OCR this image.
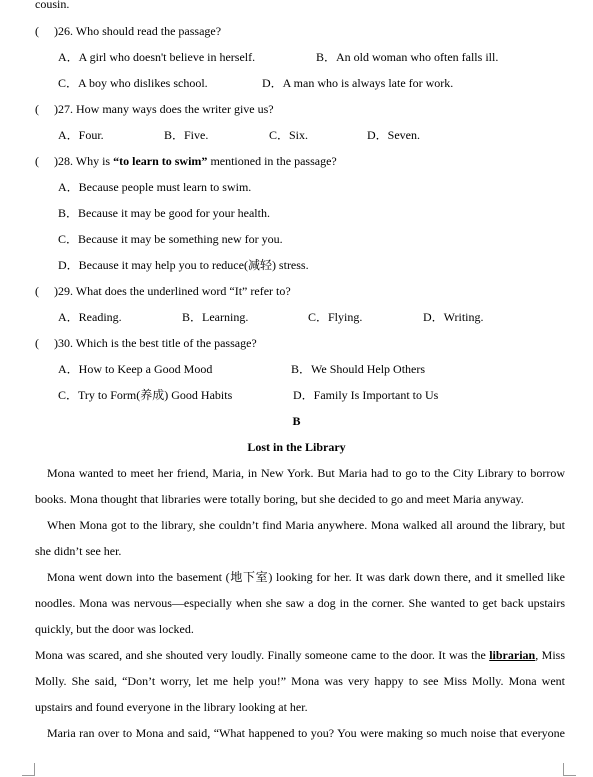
cousin.
(　 )26. Who should read the passage?
A．A girl who doesn't believe in herself.	B．An old woman who often falls ill.
C．A boy who dislikes school.	D．A man who is always late for work.
(　 )27. How many ways does the writer give us?
A．Four.	B．Five.	C．Six.	D．Seven.
(　 )28. Why is “to learn to swim” mentioned in the passage?
A．Because people must learn to swim.
B．Because it may be good for your health.
C．Because it may be something new for you.
D．Because it may help you to reduce(减轻) stress.
(　 )29. What does the underlined word “It” refer to?
A．Reading.	B．Learning.	C．Flying.	D．Writing.
(　 )30. Which is the best title of the passage?
A．How to Keep a Good Mood	B．We Should Help Others
C．Try to Form(养成) Good Habits	D．Family Is Important to Us
B
Lost in the Library
Mona wanted to meet her friend, Maria, in New York. But Maria had to go to the City Library to borrow
books. Mona thought that libraries were totally boring, but she decided to go and meet Maria anyway.
When Mona got to the library, she couldn’t find Maria anywhere. Mona walked all around the library, but
she didn’t see her.
Mona went down into the basement (地下室) looking for her. It was dark down there, and it smelled like
noodles. Mona was nervous—especially when she saw a dog in the corner. She wanted to get back upstairs
quickly, but the door was locked.
Mona was scared, and she shouted very loudly. Finally someone came to the door. It was the librarian, Miss
Molly. She said, “Don’t worry, let me help you!” Mona was very happy to see Miss Molly. Mona went
upstairs and found everyone in the library looking at her.
Maria ran over to Mona and said, “What happened to you? You were making so much noise that everyone
